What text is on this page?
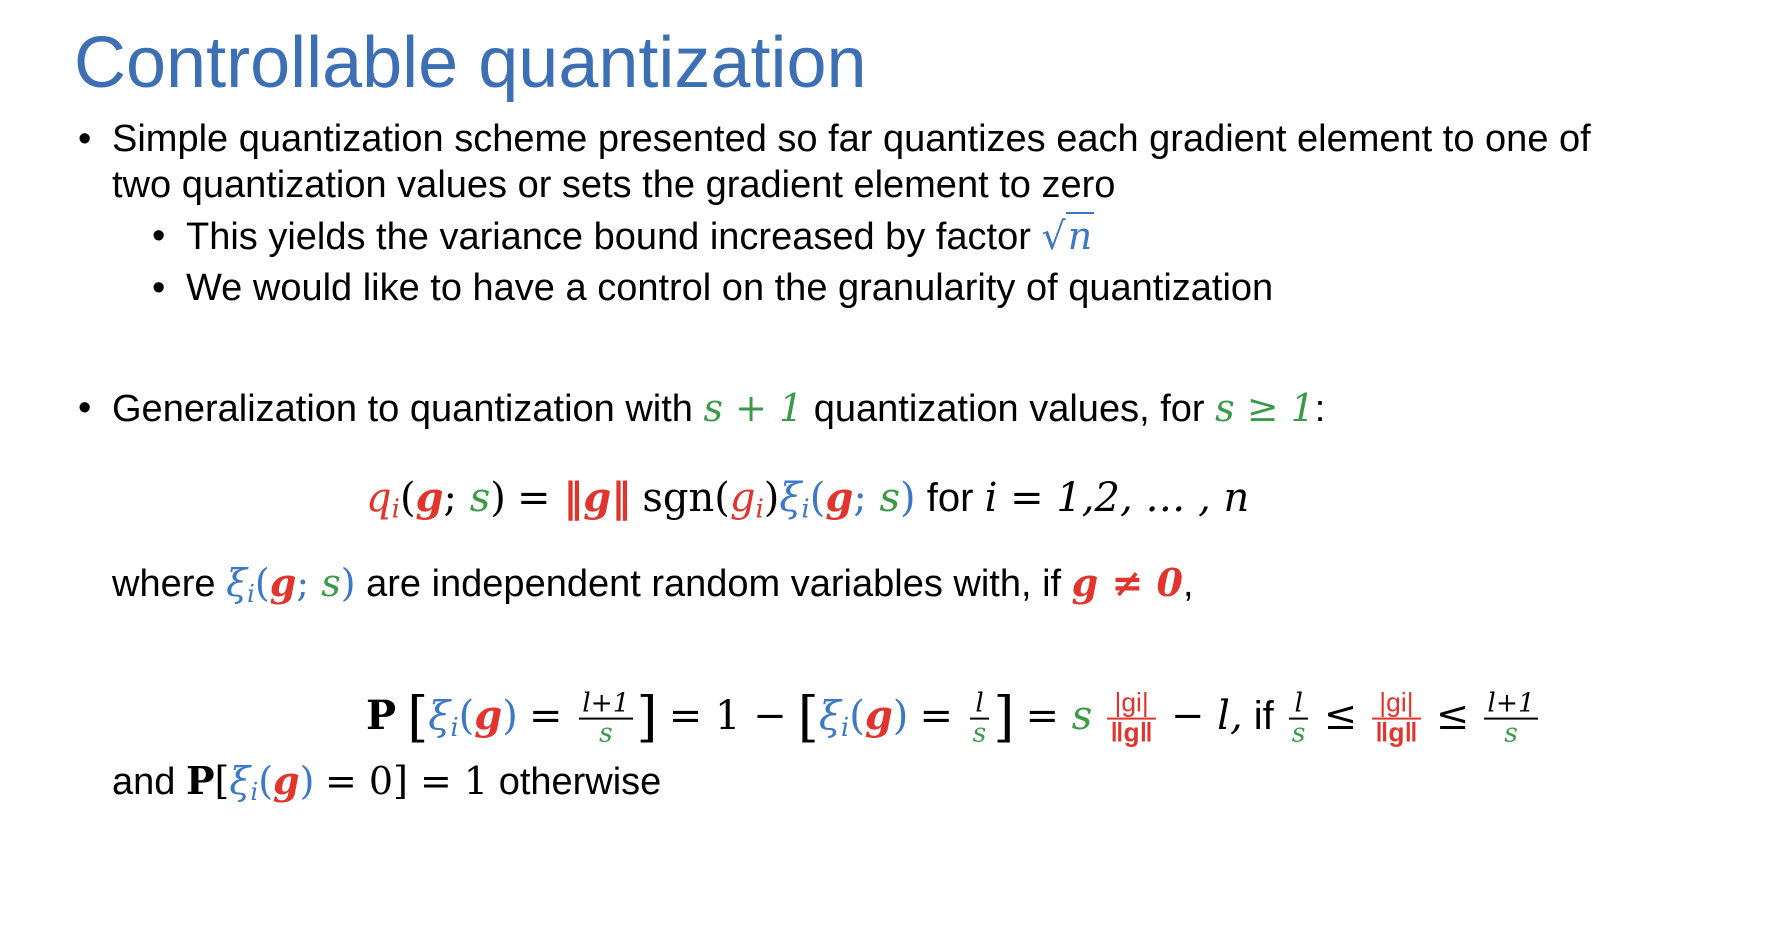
Controllable quantization
• Simple quantization scheme presented so far quantizes each gradient element to one of
two quantization values or sets the gradient element to zero
• This yields the variance bound increased by factor √n
• We would like to have a control on the granularity of quantization
• Generalization to quantization with s + 1 quantization values, for s ≥ 1:
$q_i(g$; s) = ‖g‖ $sgn(g_i)\xi_i(g$; s) for i = 1,2, … , n
where $\xi_i(g$; s) are independent random variables with, if g ≠ 0,
P [$\xi_i(g) = \frac{l+1}{s}$ ] = $1 - [\xi_i(g) = \frac{l}{s}$ ] = s $\frac{|gi|}{‖g‖} - l$, if $\frac{l}{s} \le \frac{|gi|}{‖g‖} \le \frac{l+1}{s}$
and $P[\xi_i(g) = 0] = 1$ otherwise
